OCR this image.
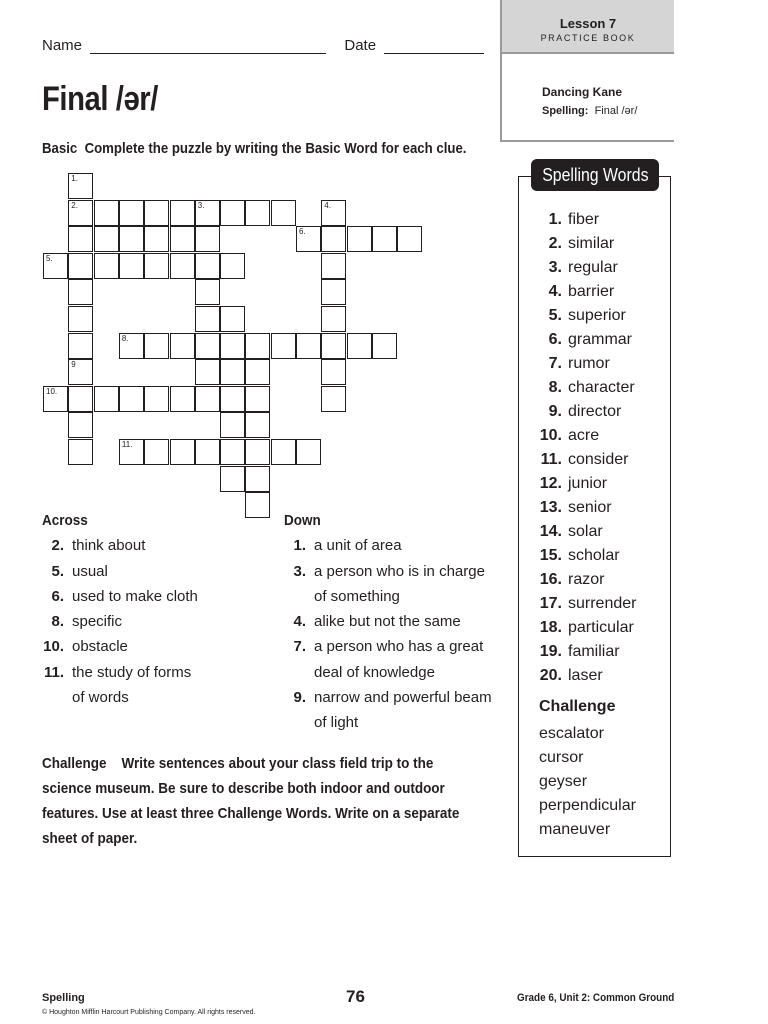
Name	Date
Final /ər/
Basic Complete the puzzle by writing the Basic Word for each clue.
Lesson 7
PRACTICE BOOK
Dancing Kane
Spelling: Final /ər/
2.	3.
6.
5.
8.
10.
11.
1.
9
4.
Across
2. think about
5. usual
6. used to make cloth
8. specific
10. obstacle
11. the study of forms
of words
Down
1. a unit of area
3. a person who is in charge
of something
4. alike but not the same
7. a person who has a great
deal of knowledge
9. narrow and powerful beam
of light
Challenge Write sentences about your class field trip to the science museum. Be sure to describe both indoor and outdoor features. Use at least three Challenge Words. Write on a separate sheet of paper.
Spelling Words
1. fiber
2. similar
3. regular
4. barrier
5. superior
6. grammar
7. rumor
8. character
9. director
10. acre
11. consider
12. junior
13. senior
14. solar
15. scholar
16. razor
17. surrender
18. particular
19. familiar
20. laser
Challenge
escalator
cursor
geyser
perpendicular
maneuver
Spelling
© Houghton Mifflin Harcourt Publishing Company. All rights reserved.
76	Grade 6, Unit 2: Common Ground
